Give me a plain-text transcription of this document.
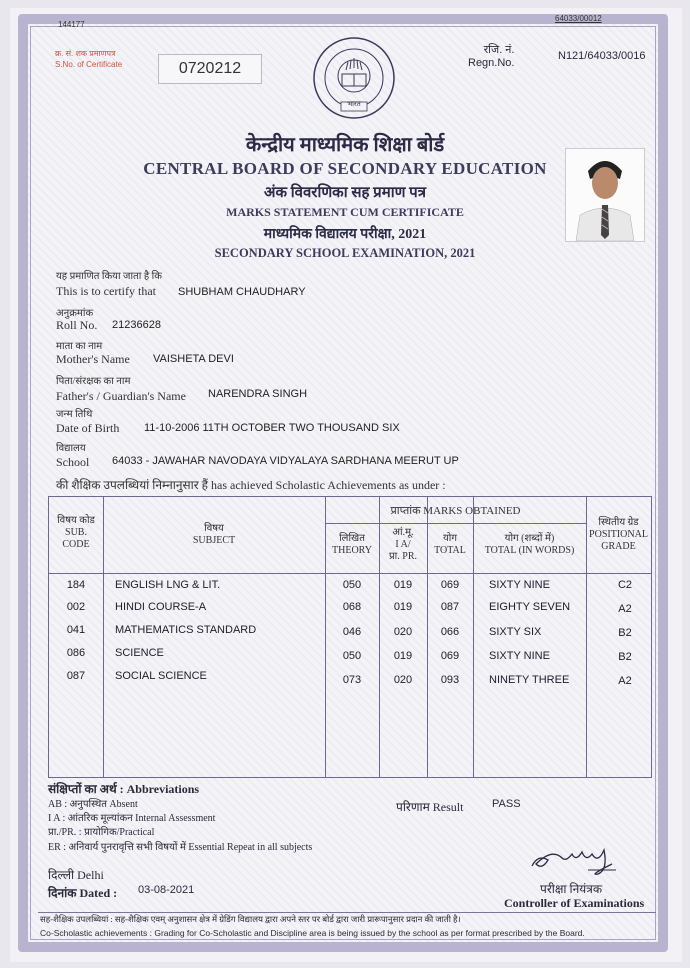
144177
64033/00012
क्र. सं. शक प्रमाणपत्र
S.No. of Certificate	0720212
रजि. नं.
Regn.No.
N121/64033/0016
भारत
केन्द्रीय माध्यमिक शिक्षा बोर्ड
CENTRAL BOARD OF SECONDARY EDUCATION
अंक विवरणिका सह प्रमाण पत्र
MARKS STATEMENT CUM CERTIFICATE
माध्यमिक विद्यालय परीक्षा, 2021
SECONDARY SCHOOL EXAMINATION, 2021
यह प्रमाणित किया जाता है कि
This is to certify that SHUBHAM CHAUDHARY
अनुक्रमांक
Roll No. 21236628
माता का नाम
Mother's Name VAISHETA DEVI
पिता/संरक्षक का नाम
Father's / Guardian's Name NARENDRA SINGH
जन्म तिथि
Date of Birth 11-10-2006 11TH OCTOBER TWO THOUSAND SIX
विद्यालय
School 64033 - JAWAHAR NAVODAYA VIDYALAYA SARDHANA MEERUT UP
की शैक्षिक उपलब्धियां निम्नानुसार हैं has achieved Scholastic Achievements as under :
विषय कोड
SUB.
CODE
विषय
SUBJECT
प्राप्तांक MARKS OBTAINED
लिखित
THEORY
आं.मू.
I A/
प्रा. PR.
योग
TOTAL
योग (शब्दों में)
TOTAL (IN WORDS)
स्थितीय ग्रेड
POSITIONAL
GRADE
184	ENGLISH LNG & LIT.	050	019	069	SIXTY NINE	C2
002	HINDI COURSE-A	068	019	087	EIGHTY SEVEN	A2
041	MATHEMATICS STANDARD	046	020	066	SIXTY SIX	B2
086	SCIENCE	050	019	069	SIXTY NINE	B2
087	SOCIAL SCIENCE	073	020	093	NINETY THREE	A2
संक्षिप्तों का अर्थ : Abbreviations
AB : अनुपस्थित Absent
I A : आंतरिक मूल्यांकन Internal Assessment
प्रा./PR. : प्रायोगिक/Practical
ER : अनिवार्य पुनरावृत्ति सभी विषयों में Essential Repeat in all subjects
परिणाम Result	PASS
दिल्ली Delhi
दिनांक Dated : 03-08-2021	परीक्षा नियंत्रक
Controller of Examinations
सह-शैक्षिक उपलब्धियां : सह-शैक्षिक एवम् अनुशासन क्षेत्र में ग्रेडिंग विद्यालय द्वारा अपने स्तर पर बोर्ड द्वारा जारी प्रारूपानुसार प्रदान की जाती है।
Co-Scholastic achievements : Grading for Co-Scholastic and Discipline area is being issued by the school as per format prescribed by the Board.
